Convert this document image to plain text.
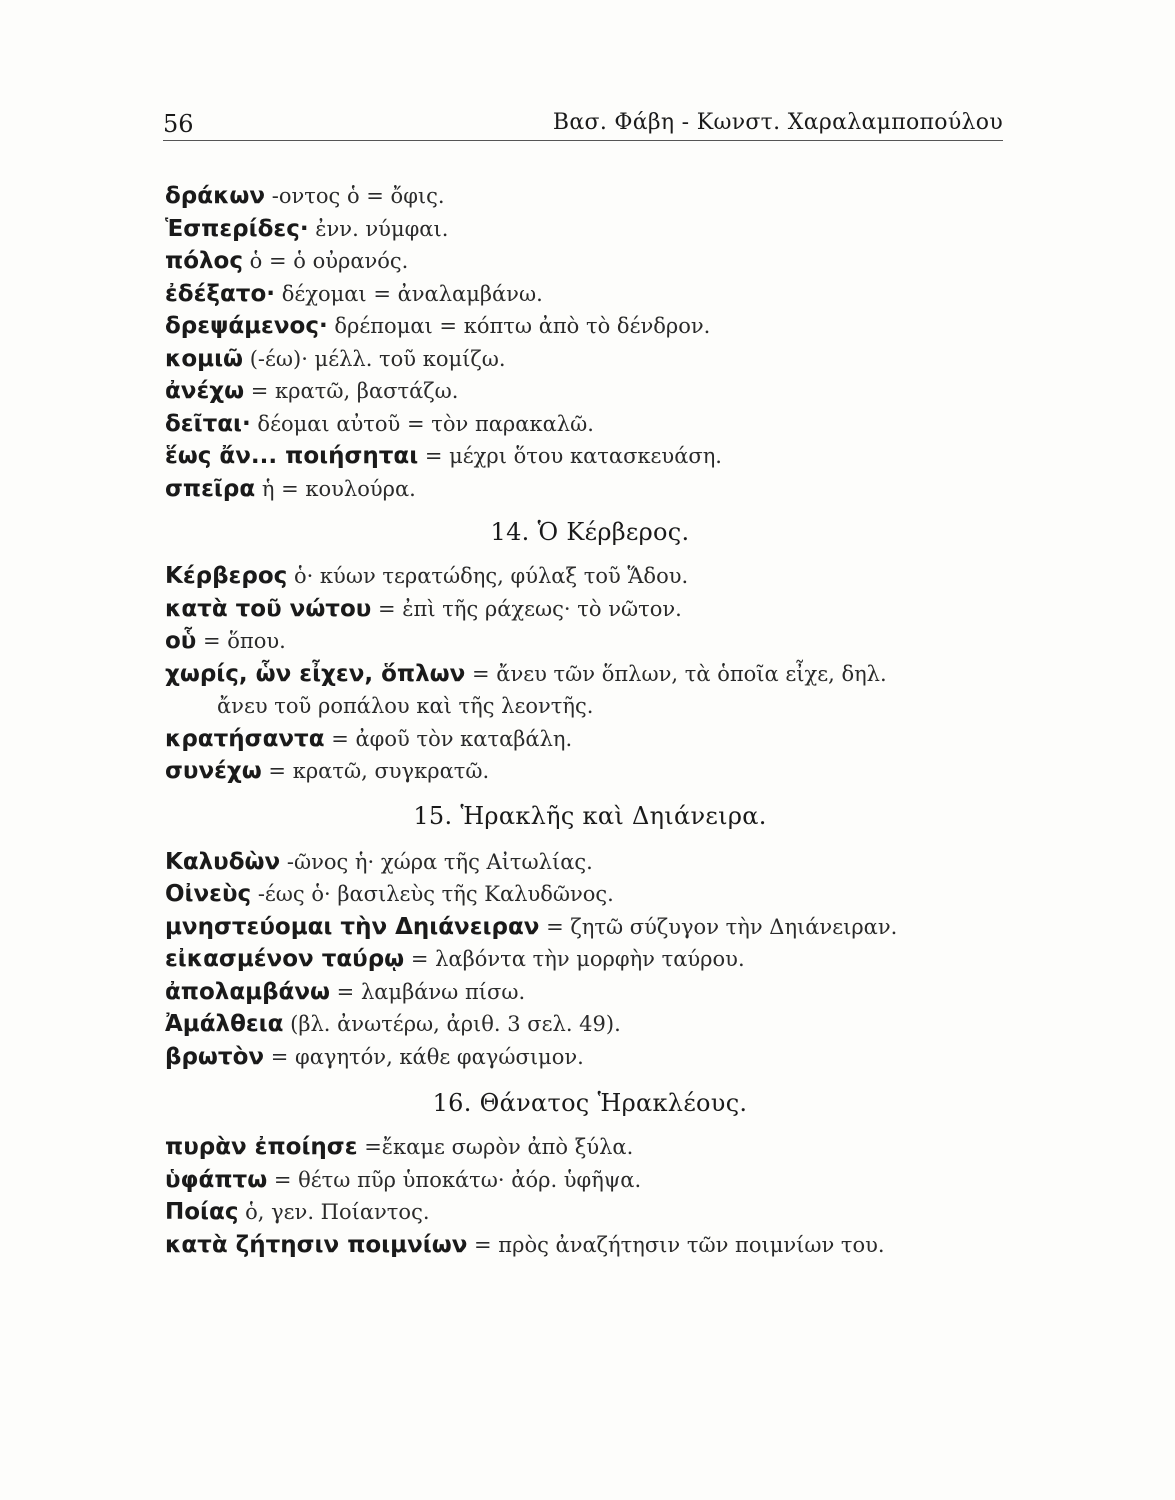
56	Βασ. Φάβη - Κωνστ. Χαραλαμποπούλου
δράκων -οντος ὁ = ὄφις.
Ἑσπερίδες· ἐνν. νύμφαι.
πόλος ὁ = ὁ οὐρανός.
ἐδέξατο· δέχομαι = ἀναλαμβάνω.
δρεψάμενος· δρέπομαι = κόπτω ἀπὸ τὸ δένδρον.
κομιῶ (-έω)· μέλλ. τοῦ κομίζω.
ἀνέχω = κρατῶ, βαστάζω.
δεῖται· δέομαι αὐτοῦ = τὸν παρακαλῶ.
ἕως ἄν... ποιήσηται = μέχρι ὅτου κατασκευάση.
σπεῖρα ἡ = κουλούρα.
14. Ὁ Κέρβερος.
Κέρβερος ὁ· κύων τερατώδης, φύλαξ τοῦ Ἅδου.
κατὰ τοῦ νώτου = ἐπὶ τῆς ράχεως· τὸ νῶτον.
οὗ = ὅπου.
χωρίς, ὧν εἶχεν, ὅπλων = ἄνευ τῶν ὅπλων, τὰ ὁποῖα εἶχε, δηλ.
ἄνευ τοῦ ροπάλου καὶ τῆς λεοντῆς.
κρατήσαντα = ἀφοῦ τὸν καταβάλη.
συνέχω = κρατῶ, συγκρατῶ.
15. Ἡρακλῆς καὶ Δηιάνειρα.
Καλυδὼν -ῶνος ἡ· χώρα τῆς Αἰτωλίας.
Οἰνεὺς -έως ὁ· βασιλεὺς τῆς Καλυδῶνος.
μνηστεύομαι τὴν Δηιάνειραν = ζητῶ σύζυγον τὴν Δηιάνειραν.
εἰκασμένον ταύρῳ = λαβόντα τὴν μορφὴν ταύρου.
ἀπολαμβάνω = λαμβάνω πίσω.
Ἀμάλθεια (βλ. ἀνωτέρω, ἀριθ. 3 σελ. 49).
βρωτὸν = φαγητόν, κάθε φαγώσιμον.
16. Θάνατος Ἡρακλέους.
πυρὰν ἐποίησε =ἔκαμε σωρὸν ἀπὸ ξύλα.
ὑφάπτω = θέτω πῦρ ὑποκάτω· ἀόρ. ὑφῆψα.
Ποίας ὁ, γεν. Ποίαντος.
κατὰ ζήτησιν ποιμνίων = πρὸς ἀναζήτησιν τῶν ποιμνίων του.
